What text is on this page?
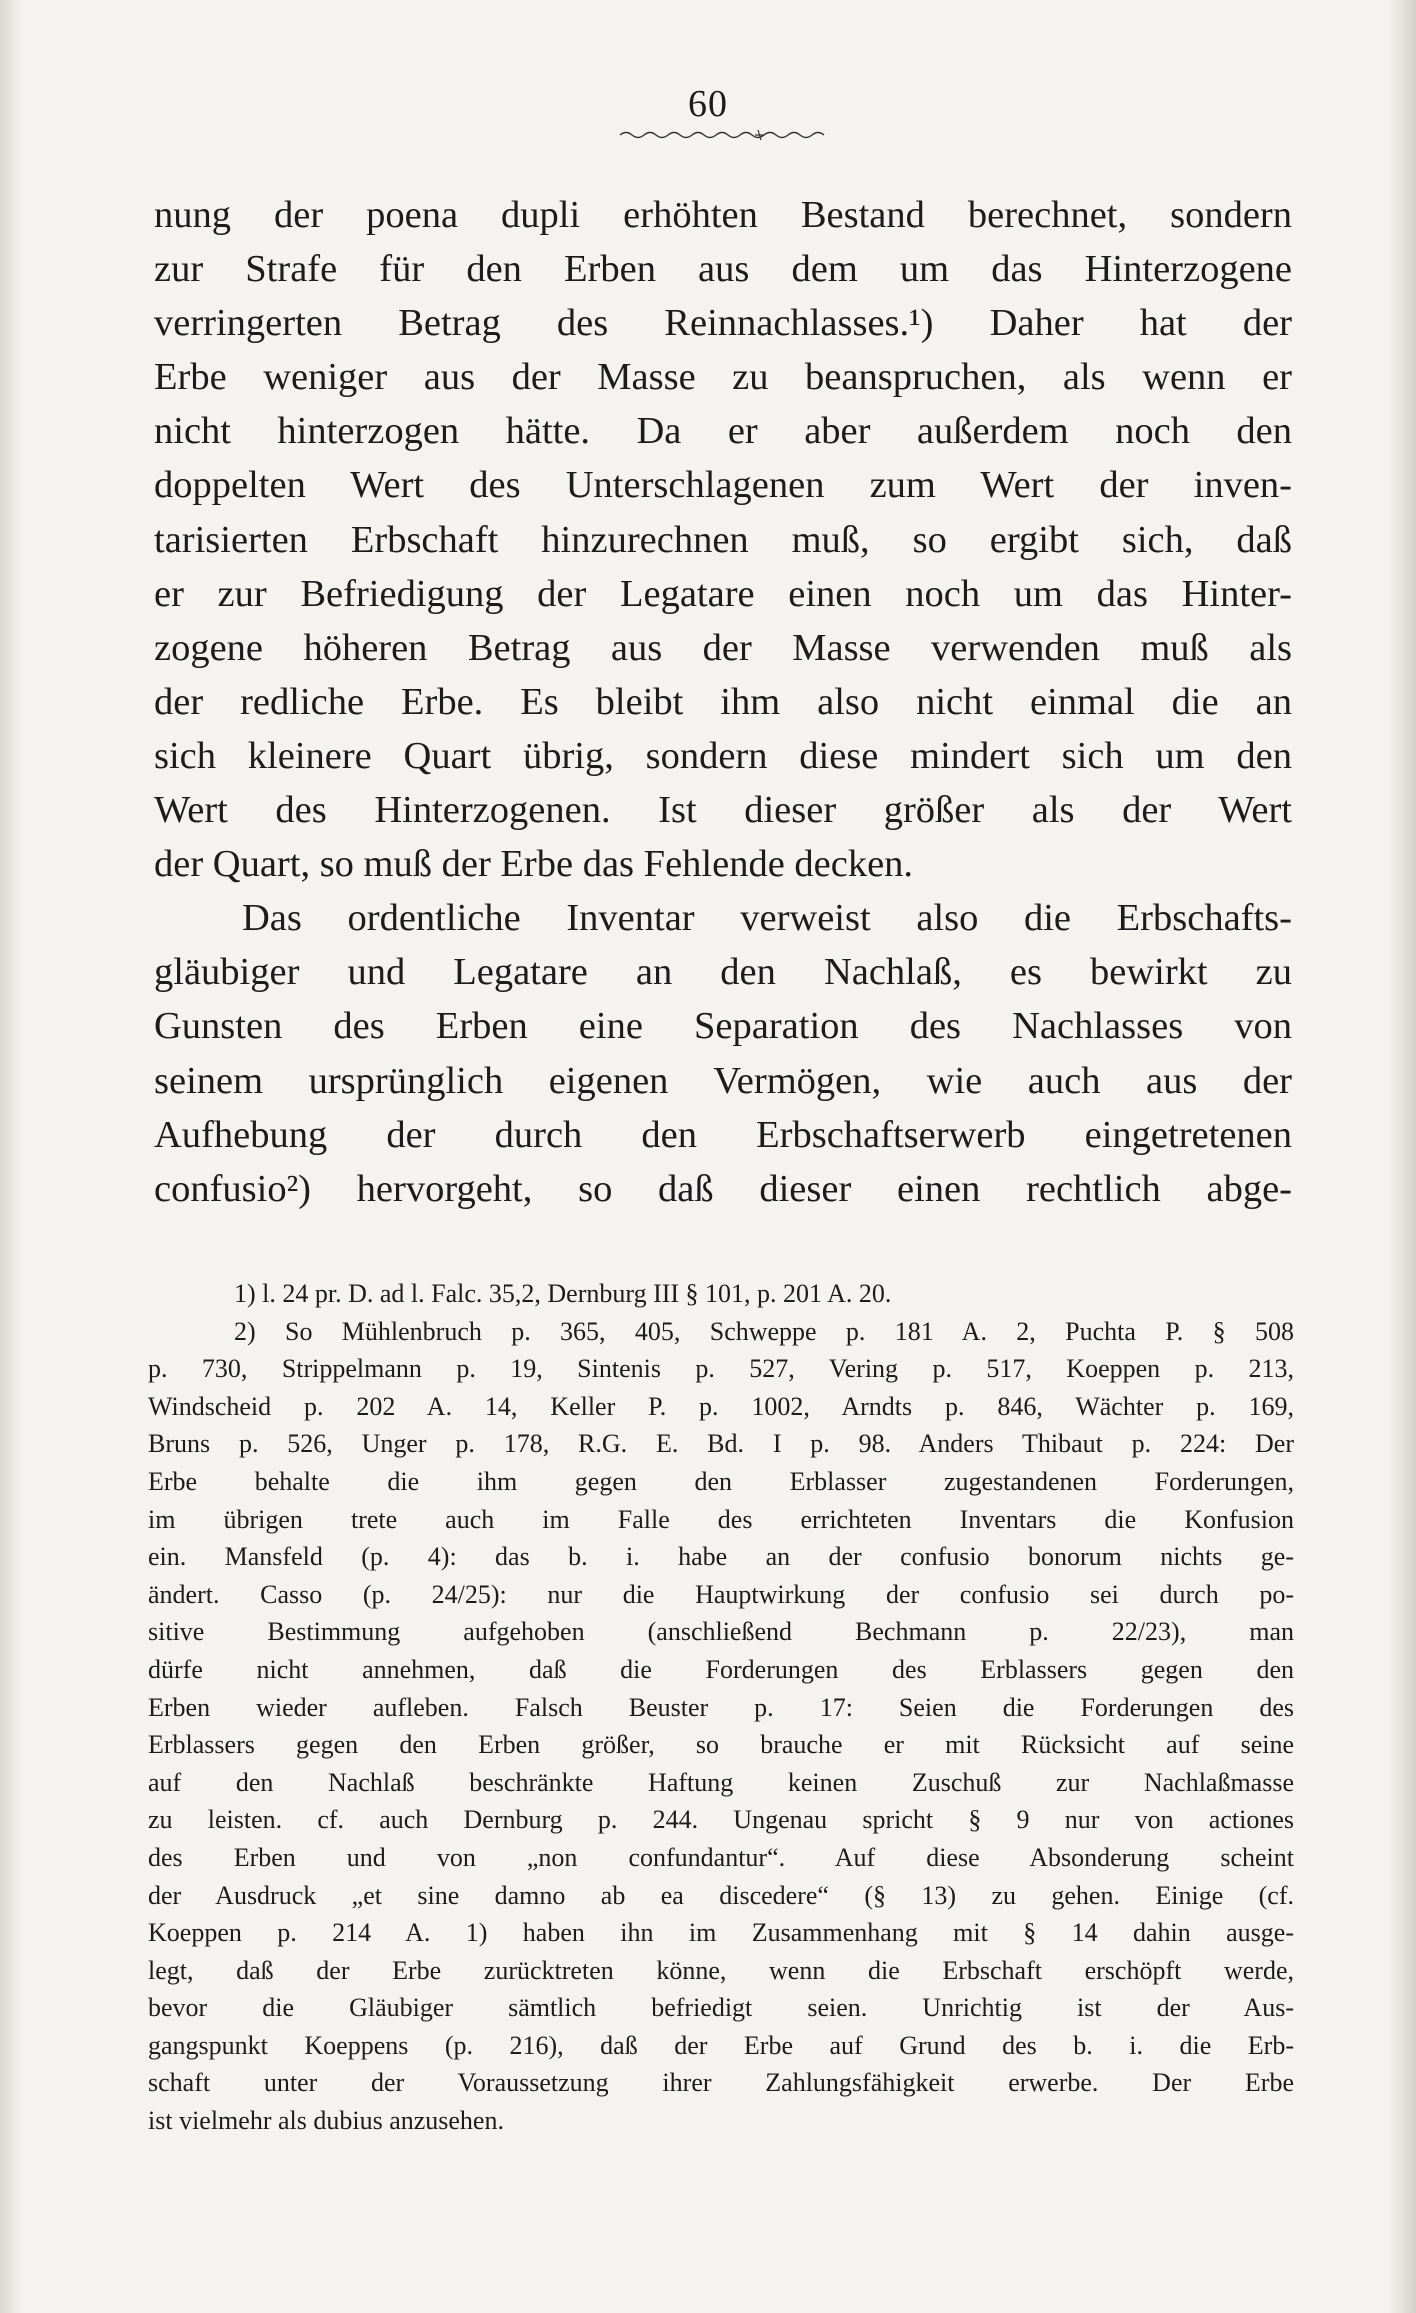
60
nung der poena dupli erhöhten Bestand berechnet, sondern
zur Strafe für den Erben aus dem um das Hinterzogene
verringerten Betrag des Reinnachlasses.¹) Daher hat der
Erbe weniger aus der Masse zu beanspruchen, als wenn er
nicht hinterzogen hätte. Da er aber außerdem noch den
doppelten Wert des Unterschlagenen zum Wert der inven-
tarisierten Erbschaft hinzurechnen muß, so ergibt sich, daß
er zur Befriedigung der Legatare einen noch um das Hinter-
zogene höheren Betrag aus der Masse verwenden muß als
der redliche Erbe. Es bleibt ihm also nicht einmal die an
sich kleinere Quart übrig, sondern diese mindert sich um den
Wert des Hinterzogenen. Ist dieser größer als der Wert
der Quart, so muß der Erbe das Fehlende decken.
Das ordentliche Inventar verweist also die Erbschafts-
gläubiger und Legatare an den Nachlaß, es bewirkt zu
Gunsten des Erben eine Separation des Nachlasses von
seinem ursprünglich eigenen Vermögen, wie auch aus der
Aufhebung der durch den Erbschaftserwerb eingetretenen
confusio²) hervorgeht, so daß dieser einen rechtlich abge-
1) l. 24 pr. D. ad l. Falc. 35,2, Dernburg III § 101, p. 201 A. 20.
2) So Mühlenbruch p. 365, 405, Schweppe p. 181 A. 2, Puchta P. § 508
p. 730, Strippelmann p. 19, Sintenis p. 527, Vering p. 517, Koeppen p. 213,
Windscheid p. 202 A. 14, Keller P. p. 1002, Arndts p. 846, Wächter p. 169,
Bruns p. 526, Unger p. 178, R.G. E. Bd. I p. 98. Anders Thibaut p. 224: Der
Erbe behalte die ihm gegen den Erblasser zugestandenen Forderungen,
im übrigen trete auch im Falle des errichteten Inventars die Konfusion
ein. Mansfeld (p. 4): das b. i. habe an der confusio bonorum nichts ge-
ändert. Casso (p. 24/25): nur die Hauptwirkung der confusio sei durch po-
sitive Bestimmung aufgehoben (anschließend Bechmann p. 22/23), man
dürfe nicht annehmen, daß die Forderungen des Erblassers gegen den
Erben wieder aufleben. Falsch Beuster p. 17: Seien die Forderungen des
Erblassers gegen den Erben größer, so brauche er mit Rücksicht auf seine
auf den Nachlaß beschränkte Haftung keinen Zuschuß zur Nachlaßmasse
zu leisten. cf. auch Dernburg p. 244. Ungenau spricht § 9 nur von actiones
des Erben und von „non confundantur“. Auf diese Absonderung scheint
der Ausdruck „et sine damno ab ea discedere“ (§ 13) zu gehen. Einige (cf.
Koeppen p. 214 A. 1) haben ihn im Zusammenhang mit § 14 dahin ausge-
legt, daß der Erbe zurücktreten könne, wenn die Erbschaft erschöpft werde,
bevor die Gläubiger sämtlich befriedigt seien. Unrichtig ist der Aus-
gangspunkt Koeppens (p. 216), daß der Erbe auf Grund des b. i. die Erb-
schaft unter der Voraussetzung ihrer Zahlungsfähigkeit erwerbe. Der Erbe
ist vielmehr als dubius anzusehen.
